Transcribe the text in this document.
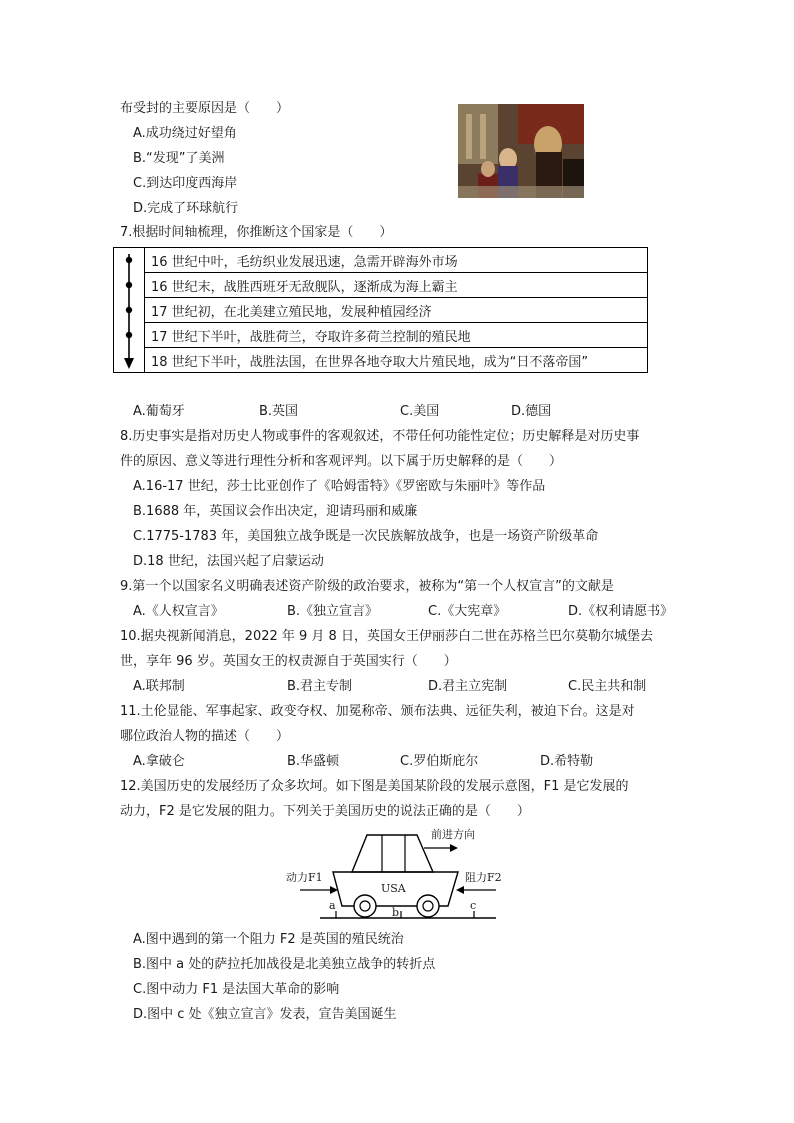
布受封的主要原因是（　　）
A.成功绕过好望角
B.“发现”了美洲
C.到达印度西海岸
D.完成了环球航行
7.根据时间轴梳理，你推断这个国家是（　　）
	16 世纪中叶，毛纺织业发展迅速，急需开辟海外市场
16 世纪末，战胜西班牙无敌舰队，逐渐成为海上霸主
17 世纪初，在北美建立殖民地，发展种植园经济
17 世纪下半叶，战胜荷兰，夺取许多荷兰控制的殖民地
18 世纪下半叶，战胜法国，在世界各地夺取大片殖民地，成为“日不落帝国”
A.葡萄牙	B.英国	C.美国	D.德国
8.历史事实是指对历史人物或事件的客观叙述，不带任何功能性定位；历史解释是对历史事
件的原因、意义等进行理性分析和客观评判。以下属于历史解释的是（　　）
A.16-17 世纪，莎士比亚创作了《哈姆雷特》《罗密欧与朱丽叶》等作品
B.1688 年，英国议会作出决定，迎请玛丽和威廉
C.1775-1783 年，美国独立战争既是一次民族解放战争，也是一场资产阶级革命
D.18 世纪，法国兴起了启蒙运动
9.第一个以国家名义明确表述资产阶级的政治要求，被称为“第一个人权宣言”的文献是
A.《人权宣言》	B.《独立宣言》	C.《大宪章》	D.《权利请愿书》
10.据央视新闻消息，2022 年 9 月 8 日，英国女王伊丽莎白二世在苏格兰巴尔莫勒尔城堡去
世，享年 96 岁。英国女王的权责源自于英国实行（　　）
A.联邦制	B.君主专制	D.君主立宪制	C.民主共和制
11.土伦显能、军事起家、政变夺权、加冕称帝、颁布法典、远征失利，被迫下台。这是对
哪位政治人物的描述（　　）
A.拿破仑	B.华盛顿	C.罗伯斯庇尔	D.希特勒
12.美国历史的发展经历了众多坎坷。如下图是美国某阶段的发展示意图，F1 是它发展的
动力，F2 是它发展的阻力。下列关于美国历史的说法正确的是（　　）
前进方向
动力F1	阻力F2
USA
a
b
c
A.图中遇到的第一个阻力 F2 是英国的殖民统治
B.图中 a 处的萨拉托加战役是北美独立战争的转折点
C.图中动力 F1 是法国大革命的影响
D.图中 c 处《独立宣言》发表，宣告美国诞生
